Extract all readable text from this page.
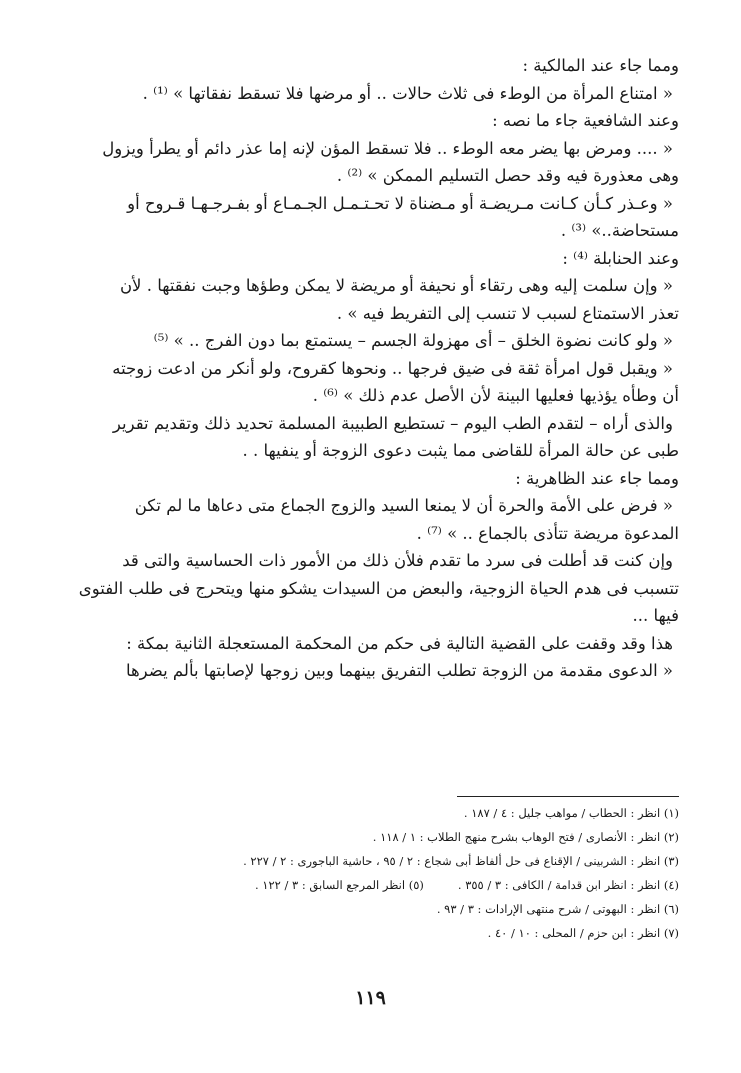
ومما جاء عند المالكية :

« امتناع المرأة من الوطء فى ثلاث حالات .. أو مرضها فلا تسقط نفقاتها » ⁽¹⁾ .

وعند الشافعية جاء ما نصه :

« .... ومرض بها يضر معه الوطء .. فلا تسقط المؤن لإنه إما عذر دائم أو يطرأ ويزول

وهى معذورة فيه وقد حصل التسليم الممكن » ⁽²⁾ .

« وعـذر كـأن كـانت مـريضـة أو مـضناة لا تحـتـمـل الجـمـاع أو بفـرجـهـا قـروح أو

مستحاضة..» ⁽³⁾ .

وعند الحنابلة ⁽⁴⁾ :

« وإن سلمت إليه وهى رتقاء أو نحيفة أو مريضة لا يمكن وطؤها وجبت نفقتها . لأن

تعذر الاستمتاع لسبب لا تنسب إلى التفريط فيه » .

« ولو كانت نضوة الخلق – أى مهزولة الجسم – يستمتع بما دون الفرج .. » ⁽⁵⁾

« ويقبل قول امرأة ثقة فى ضيق فرجها .. ونحوها كقروح، ولو أنكر من ادعت زوجته

أن وطأه يؤذيها فعليها البينة لأن الأصل عدم ذلك » ⁽⁶⁾ .

والذى أراه – لتقدم الطب اليوم – تستطيع الطبيبة المسلمة تحديد ذلك وتقديم تقرير

طبى عن حالة المرأة للقاضى مما يثبت دعوى الزوجة أو ينفيها . .

ومما جاء عند الظاهرية :

« فرض على الأمة والحرة أن لا يمنعا السيد والزوج الجماع متى دعاها ما لم تكن

المدعوة مريضة تتأذى بالجماع .. » ⁽⁷⁾ .

وإن كنت قد أطلت فى سرد ما تقدم فلأن ذلك من الأمور ذات الحساسية والتى قد

تتسبب فى هدم الحياة الزوجية، والبعض من السيدات يشكو منها ويتحرج فى طلب الفتوى

فيها ...

هذا وقد وقفت على القضية التالية فى حكم من المحكمة المستعجلة الثانية بمكة :

« الدعوى مقدمة من الزوجة تطلب التفريق بينهما وبين زوجها لإصابتها بألم يضرها

(١) انظر : الحطاب / مواهب جليل : ٤ / ١٨٧ .

(٢) انظر : الأنصارى / فتح الوهاب بشرح منهج الطلاب : ١ / ١١٨ .

(٣) انظر : الشربينى / الإقناع فى حل ألفاظ أبى شجاع : ٢ / ٩٥ ، حاشية الباجورى : ٢ / ٢٢٧ .

(٤) انظر : انظر ابن قدامة / الكافى : ٣ / ٣٥٥ .
(٥) انظر المرجع السابق : ٣ / ١٢٢ .

(٦) انظر : البهوتى / شرح منتهى الإرادات : ٣ / ٩٣ .

(٧) انظر : ابن حزم / المحلى : ١٠ / ٤٠ .

١١٩
